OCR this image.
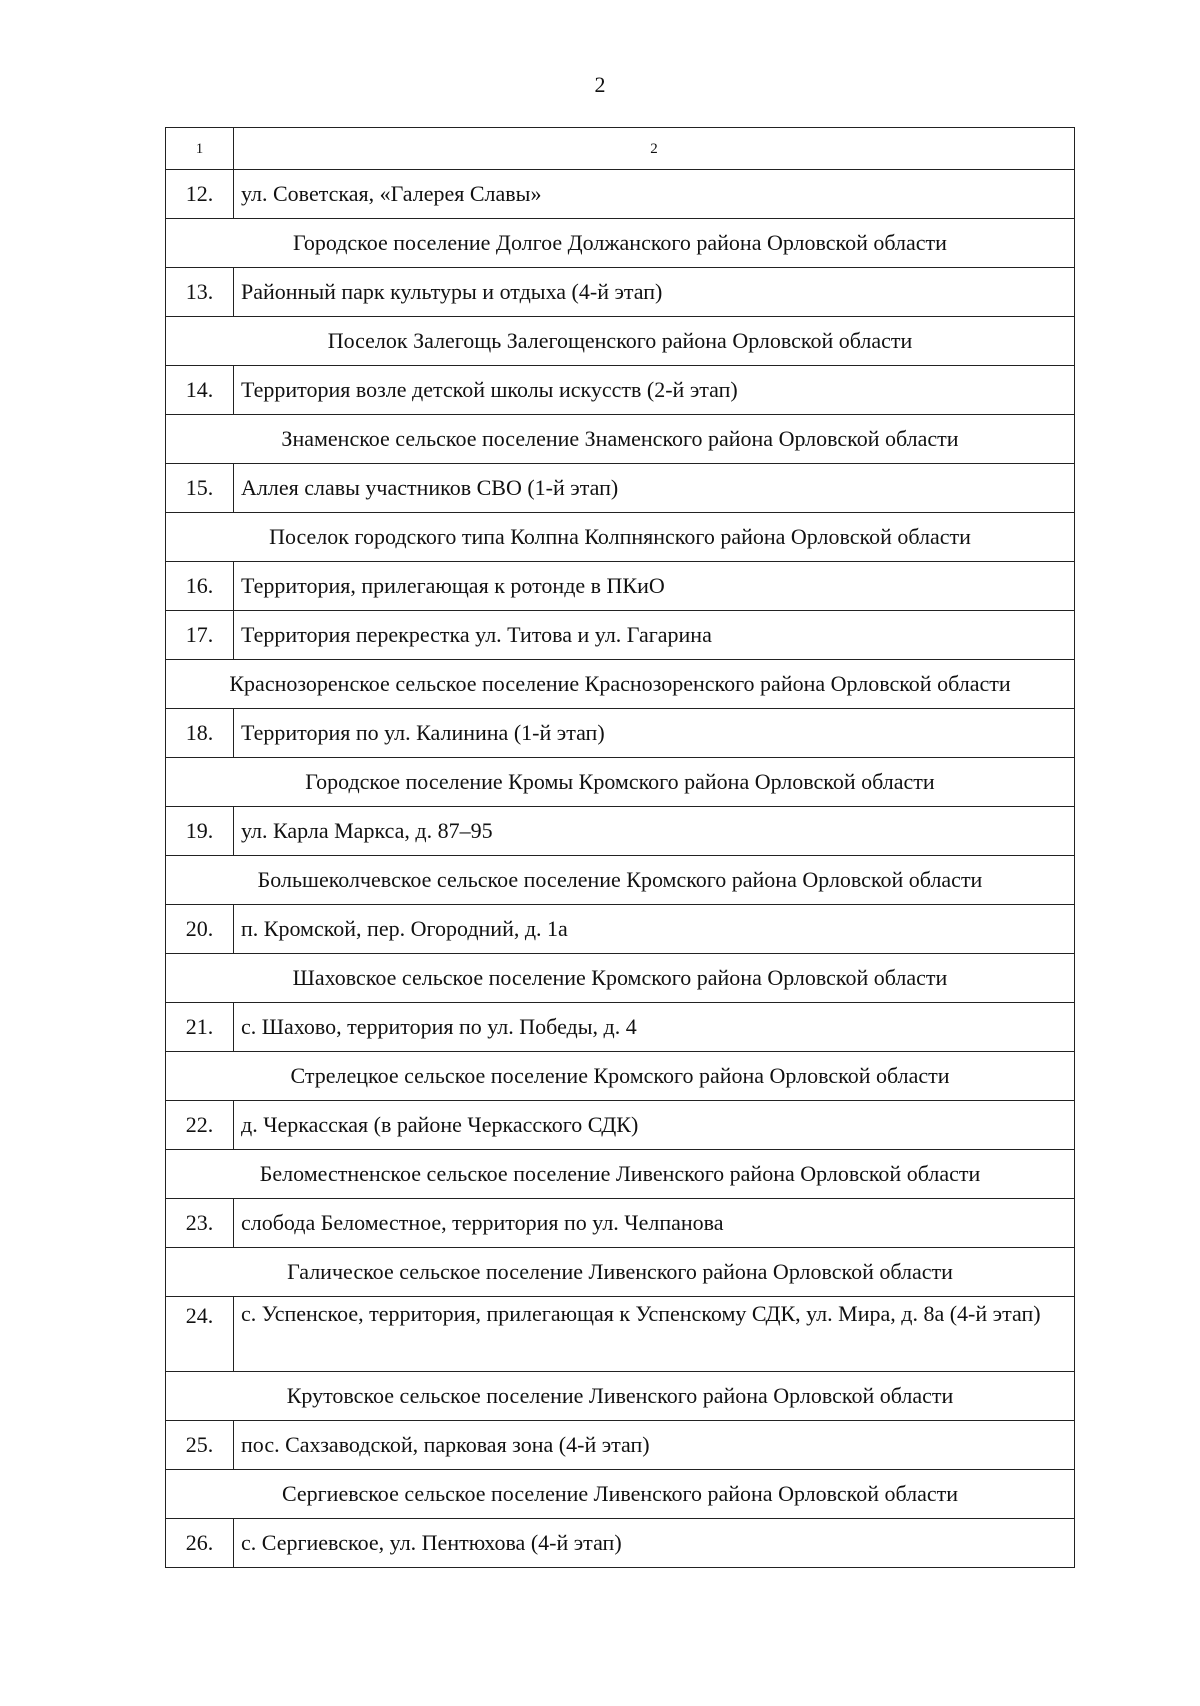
2
1	2
12.	ул. Советская, «Галерея Славы»
Городское поселение Долгое Должанского района Орловской области	
13.	Районный парк культуры и отдыха (4-й этап)
Поселок Залегощь Залегощенского района Орловской области	
14.	Территория возле детской школы искусств (2-й этап)
Знаменское сельское поселение Знаменского района Орловской области	
15.	Аллея славы участников СВО (1-й этап)
Поселок городского типа Колпна Колпнянского района Орловской области	
16.	Территория, прилегающая к ротонде в ПКиО
17.	Территория перекрестка ул. Титова и ул. Гагарина
Краснозоренское сельское поселение Краснозоренского района Орловской области	
18.	Территория по ул. Калинина (1-й этап)
Городское поселение Кромы Кромского района Орловской области	
19.	ул. Карла Маркса, д. 87–95
Большеколчевское сельское поселение Кромского района Орловской области	
20.	п. Кромской, пер. Огородний, д. 1а
Шаховское сельское поселение Кромского района Орловской области	
21.	с. Шахово, территория по ул. Победы, д. 4
Стрелецкое сельское поселение Кромского района Орловской области	
22.	д. Черкасская (в районе Черкасского СДК)
Беломестненское сельское поселение Ливенского района Орловской области	
23.	слобода Беломестное, территория по ул. Челпанова
Галическое сельское поселение Ливенского района Орловской области	
24.	с. Успенское, территория, прилегающая к Успенскому СДК, ул. Мира, д. 8а (4-й этап)
Крутовское сельское поселение Ливенского района Орловской области	
25.	пос. Сахзаводской, парковая зона (4-й этап)
Сергиевское сельское поселение Ливенского района Орловской области	
26.	с. Сергиевское, ул. Пентюхова (4-й этап)
